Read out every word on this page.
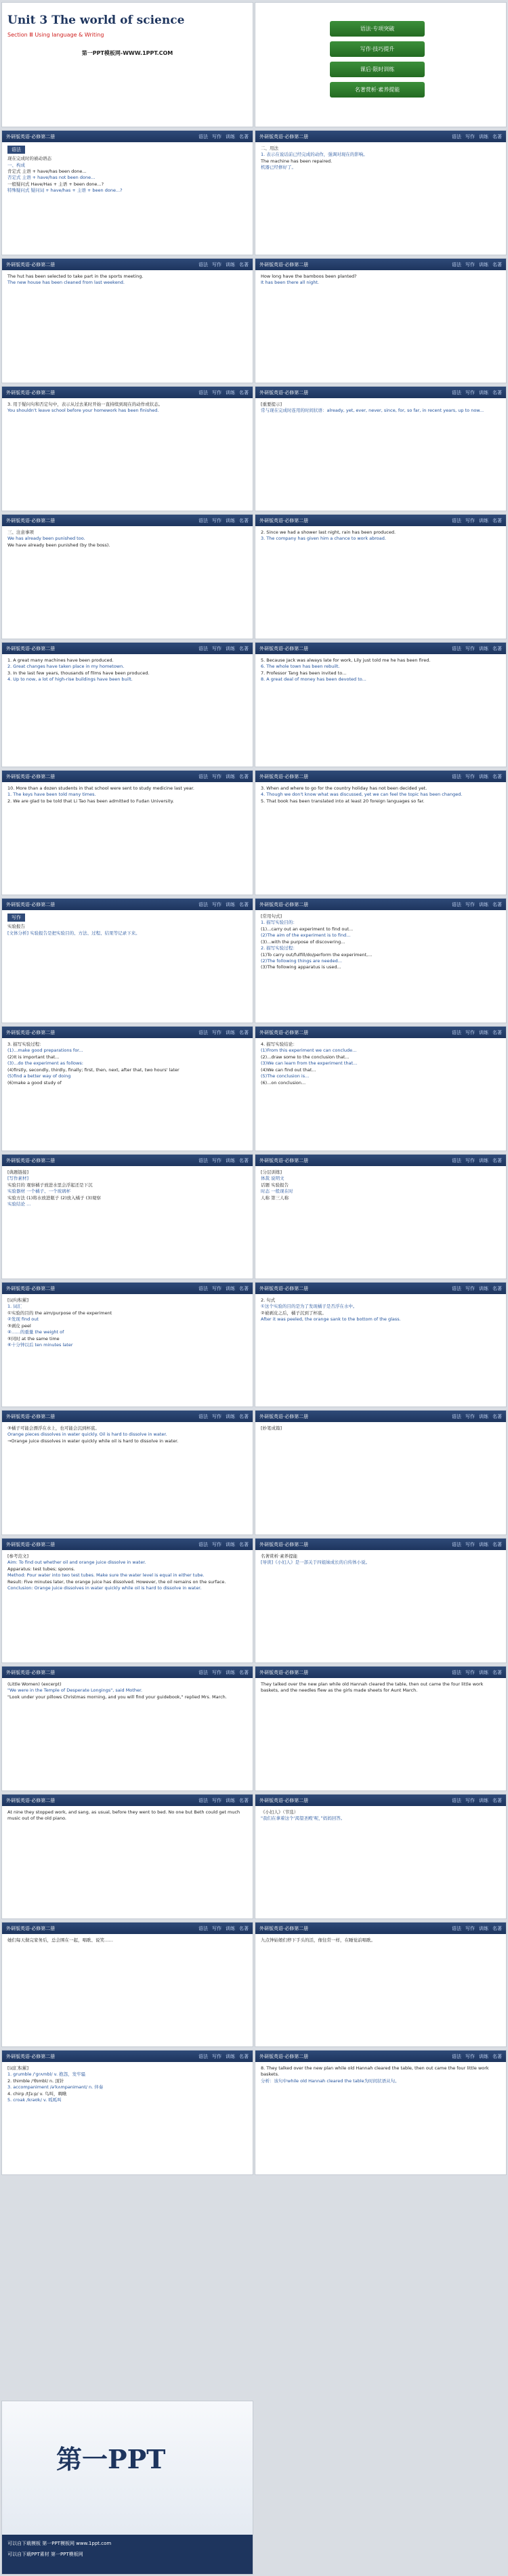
Unit 3 The world of science
Section Ⅲ Using language & Writing
第一PPT模板网-WWW.1PPT.COM
语法·专项突破
写作·技巧提升
课后·限时训练
名著赏析·素养提能
外研版英语·必修第二册	语法 写作 训练 名著
语法
现在完成时的被动语态
一、构成
肯定式 主语 + have/has been done...
否定式 主语 + have/has not been done...
一般疑问式 Have/Has + 主语 + been done...?
特殊疑问式 疑问词 + have/has + 主语 + been done...?
外研版英语·必修第二册	语法 写作 训练 名著
二、用法
1. 表示在说话前已经完成的动作，强调对现在的影响。
The machine has been repaired.
机器已经修好了。
外研版英语·必修第二册	语法 写作 训练 名著
The hut has been selected to take part in the sports meeting.
The new house has been cleaned from last weekend.
外研版英语·必修第二册	语法 写作 训练 名著
How long have the bamboos been planted?
It has been there all night.
外研版英语·必修第二册	语法 写作 训练 名著
3. 用于疑问句和否定句中，表示从过去某时开始一直持续到现在的动作或状态。
You shouldn't leave school before your homework has been finished.
外研版英语·必修第二册	语法 写作 训练 名著
[重要提示]
常与现在完成时连用的时间状语：already, yet, ever, never, since, for, so far, in recent years, up to now...
外研版英语·必修第二册	语法 写作 训练 名著
三、注意事项
We has already been punished too.
We have already been punished (by the boss).
外研版英语·必修第二册	语法 写作 训练 名著
2. Since we had a shower last night, rain has been produced.
3. The company has given him a chance to work abroad.
外研版英语·必修第二册	语法 写作 训练 名著
1. A great many machines have been produced.
2. Great changes have taken place in my hometown.
3. In the last few years, thousands of films have been produced.
4. Up to now, a lot of high-rise buildings have been built.
外研版英语·必修第二册	语法 写作 训练 名著
5. Because Jack was always late for work, Lily just told me he has been fired.
6. The whole town has been rebuilt.
7. Professor Tang has been invited to...
8. A great deal of money has been devoted to...
外研版英语·必修第二册	语法 写作 训练 名著
10. More than a dozen students in that school were sent to study medicine last year.
1. The keys have been told many times.
2. We are glad to be told that Li Tao has been admitted to Fudan University.
外研版英语·必修第二册	语法 写作 训练 名著
3. When and where to go for the country holiday has not been decided yet.
4. Though we don't know what was discussed, yet we can feel the topic has been changed.
5. That book has been translated into at least 20 foreign languages so far.
外研版英语·必修第二册	语法 写作 训练 名著
写作
实验报告
[文体分析] 实验报告是把实验目的、方法、过程、结果等记录下来。
外研版英语·必修第二册	语法 写作 训练 名著
[常用句式]
1. 描写实验目的：
(1)...carry out an experiment to find out...
(2)The aim of the experiment is to find...
(3)...with the purpose of discovering...
2. 描写实验过程：
(1)To carry out/fulfill/do/perform the experiment,...
(2)The following things are needed...
(3)The following apparatus is used...
外研版英语·必修第二册	语法 写作 训练 名著
3. 描写实验过程：
(1)...make good preparations for...
(2)It is important that...
(3)...do the experiment as follows:
(4)firstly, secondly, thirdly, finally; first, then, next, after that, two hours' later
(5)find a better way of doing
(6)make a good study of
外研版英语·必修第二册	语法 写作 训练 名著
4. 描写实验结论：
(1)From this experiment we can conclude...
(2)...draw some to the conclusion that...
(3)We can learn from the experiment that...
(4)We can find out that...
(5)The conclusion is...
(6)...on conclusion...
外研版英语·必修第二册	语法 写作 训练 名著
[典题链接]
[写作素材]
实验目的 观察橘子放进水里会浮起还是下沉
实验器材 一个橘子、一个玻璃杯
实验方法 (1)将水放进瓶子 (2)放入橘子 (3)观察
实验结论 ...
外研版英语·必修第二册	语法 写作 训练 名著
[分层训练]
体裁 说明文
话题 实验报告
时态 一般现在时
人称 第三人称
外研版英语·必修第二册	语法 写作 训练 名著
[词句积累]
1. 词汇
①实验的目的 the aim/purpose of the experiment
②发现 find out
③剥皮 peel
④……的重量 the weight of
⑤同时 at the same time
⑥十分钟以后 ten minutes later
外研版英语·必修第二册	语法 写作 训练 名著
2. 句式
①这个实验的目的是为了发现橘子是否浮在水中。
②被剥皮之后，橘子沉到了杯底。
After it was peeled, the orange sank to the bottom of the glass.
外研版英语·必修第二册	语法 写作 训练 名著
③橘子可能会漂浮在水上，也可能会沉到杯底。
Orange pieces dissolves in water quickly. Oil is hard to dissolve in water.
→Orange juice dissolves in water quickly while oil is hard to dissolve in water.
外研版英语·必修第二册	语法 写作 训练 名著
[妙笔成篇]
外研版英语·必修第二册	语法 写作 训练 名著
[参考范文]
Aim: To find out whether oil and orange juice dissolve in water.
Apparatus: test tubes; spoons.
Method: Pour water into two test tubes. Make sure the water level is equal in either tube.
Result: Five minutes later, the orange juice has dissolved. However, the oil remains on the surface.
Conclusion: Orange juice dissolves in water quickly while oil is hard to dissolve in water.
外研版英语·必修第二册	语法 写作 训练 名著
名著赏析·素养提能
[导读]《小妇人》是一部关于四姐妹成长的自传体小说。
外研版英语·必修第二册	语法 写作 训练 名著
(Little Women) (excerpt)
"We were in the Temple of Desperate Longings", said Mother.
"Look under your pillows Christmas morning, and you will find your guidebook," replied Mrs. March.
外研版英语·必修第二册	语法 写作 训练 名著
They talked over the new plan while old Hannah cleared the table, then out came the four little work baskets, and the needles flew as the girls made sheets for Aunt March.
外研版英语·必修第二册	语法 写作 训练 名著
At nine they stopped work, and sang, as usual, before they went to bed. No one but Beth could get much music out of the old piano.
外研版英语·必修第二册	语法 写作 训练 名著
《小妇人》（节选）
"我们在拿着这个‘渴望圣殿’呢，”妈妈回答。
外研版英语·必修第二册	语法 写作 训练 名著
她们每天做完家务后，总会围在一起，唱歌、说笑……
外研版英语·必修第二册	语法 写作 训练 名著
九点钟姑娘们停下手头的活，像往常一样，在睡觉前唱歌。
外研版英语·必修第二册	语法 写作 训练 名著
[词汇积累]
1. grumble /'ɡrʌmbl/ v. 抱怨，发牢骚
2. thimble /'θɪmbl/ n. 顶针
3. accompaniment /ə'kʌmpənimənt/ n. 伴奏
4. chirp /tʃɜːp/ v. 鸟叫，啁啾
5. croak /krəʊk/ v. 呱呱叫
外研版英语·必修第二册	语法 写作 训练 名著
8. They talked over the new plan while old Hannah cleared the table, then out came the four little work baskets.
分析：该句中while old Hannah cleared the table为时间状语从句。
第一PPT
可以自下载模板 第一PPT模板网 www.1ppt.com
可以自下载PPT素材 第一PPT模板网
